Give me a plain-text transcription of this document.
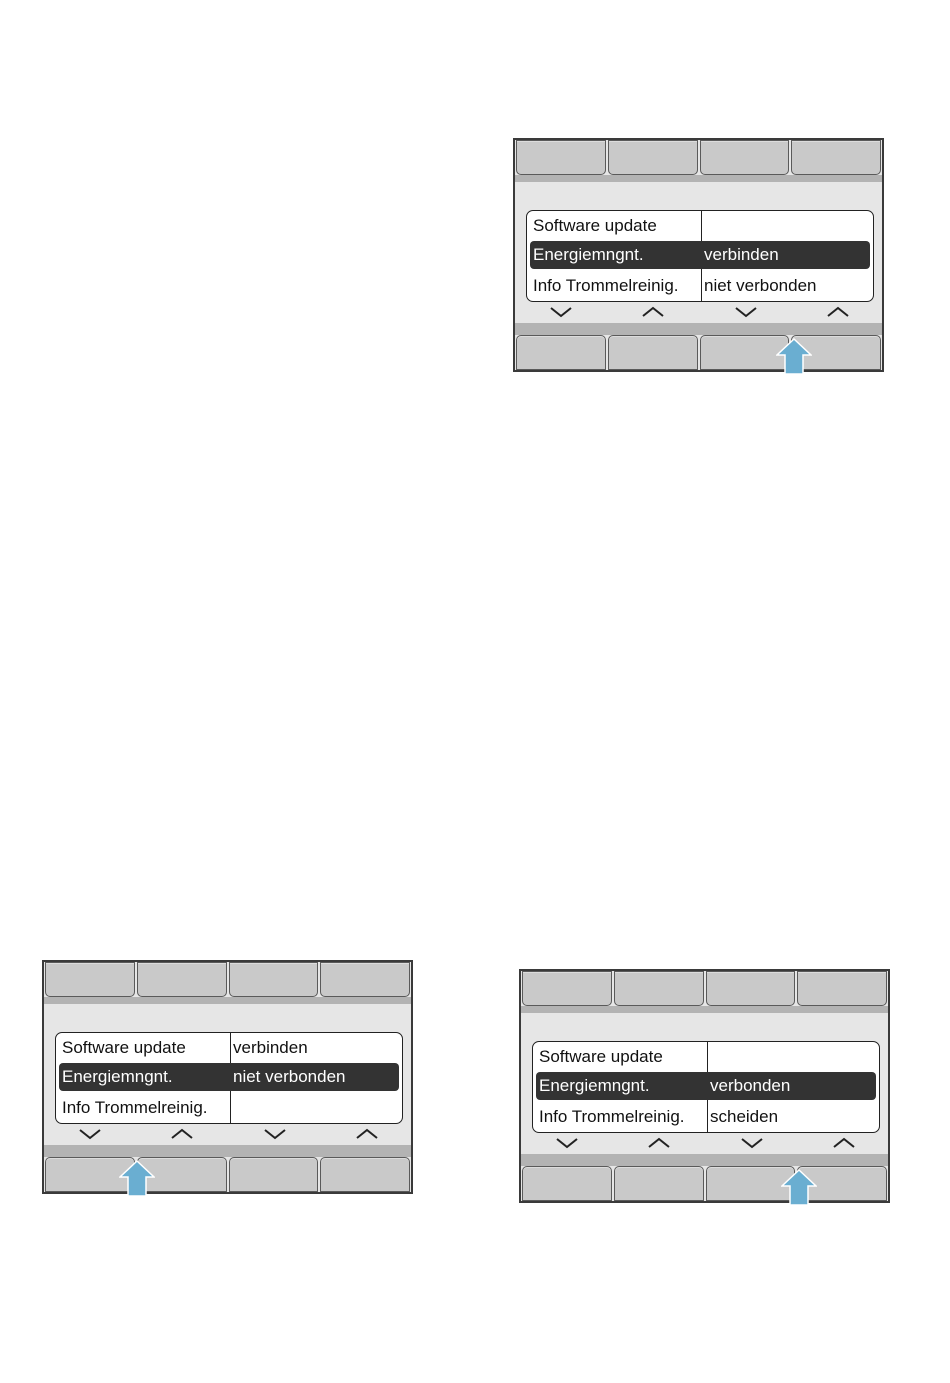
Software update
Energiemngnt.	verbinden
Info Trommelreinig. niet verbonden
Software update	verbinden
Energiemngnt.	niet verbonden
Info Trommelreinig.
Software update
Energiemngnt.	verbonden
Info Trommelreinig. scheiden
